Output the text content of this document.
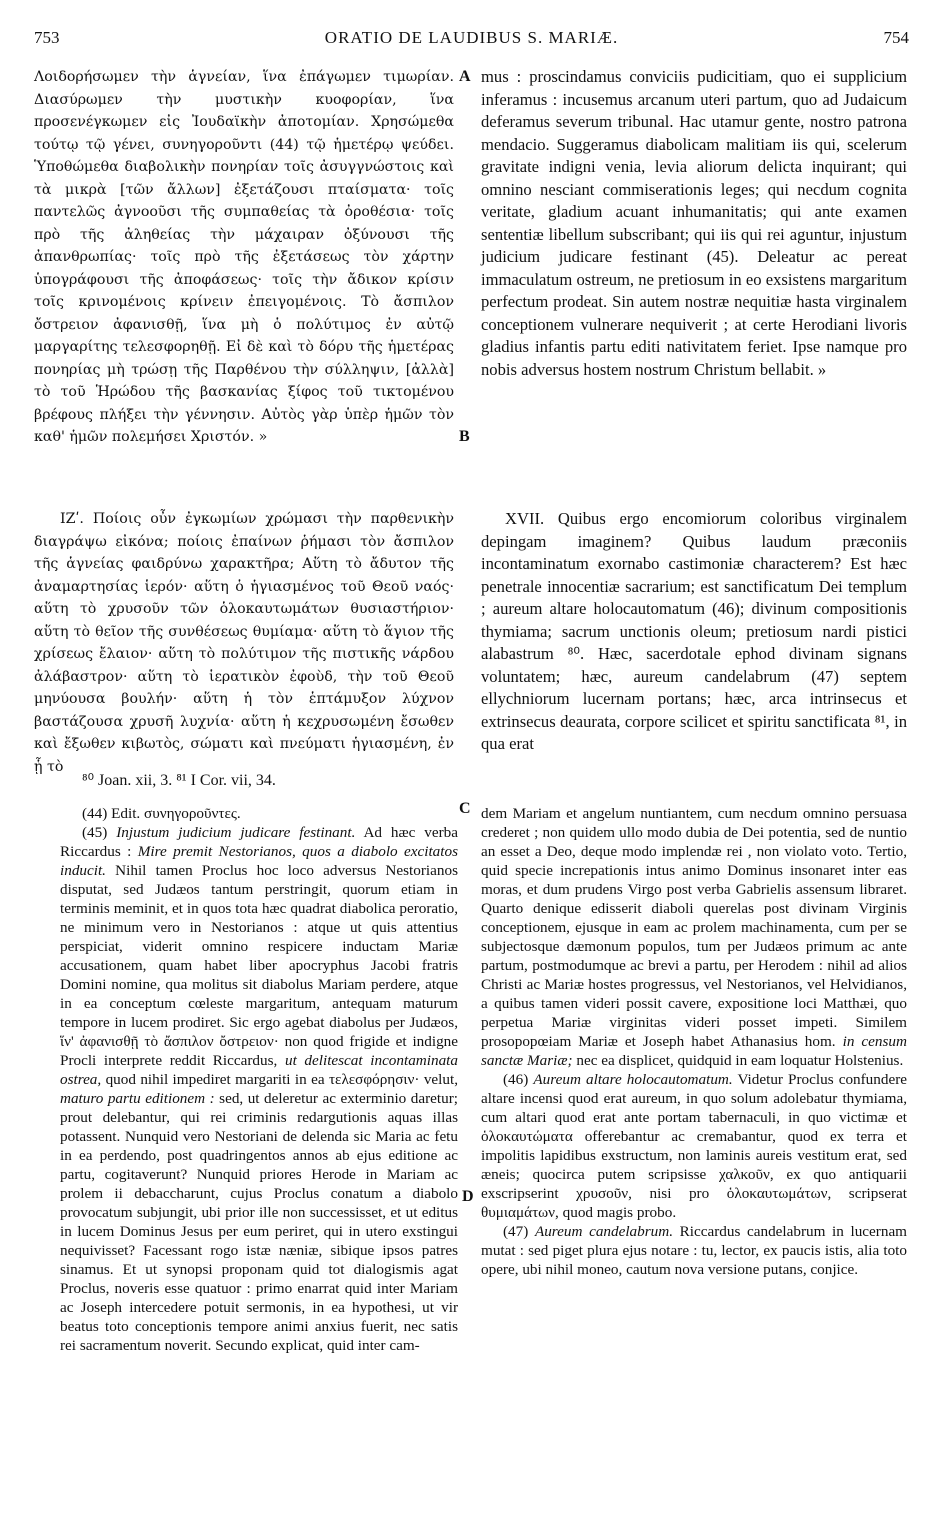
753	ORATIO DE LAUDIBUS S. MARIÆ.	754

Λοιδορήσωμεν τὴν ἁγνείαν, ἵνα ἐπάγωμεν τιμωρίαν. Διασύρωμεν τὴν μυστικὴν κυοφορίαν, ἵνα προσενέγκωμεν εἰς Ἰουδαϊκὴν ἀποτομίαν. Χρησώμεθα τούτῳ τῷ γένει, συνηγοροῦντι (44) τῷ ἡμετέρῳ ψεύδει. Ὑποθώμεθα διαβολικὴν πονηρίαν τοῖς ἀσυγγνώστοις καὶ τὰ μικρὰ [τῶν ἄλλων] ἐξετάζουσι πταίσματα· τοῖς παντελῶς ἀγνοοῦσι τῆς συμπαθείας τὰ ὀροθέσια· τοῖς πρὸ τῆς ἀληθείας τὴν μάχαιραν ὀξύνουσι τῆς ἀπανθρωπίας· τοῖς πρὸ τῆς ἐξετάσεως τὸν χάρτην ὑπογράφουσι τῆς ἀποφάσεως· τοῖς τὴν ἄδικον κρίσιν τοῖς κρινομένοις κρίνειν ἐπειγομένοις. Τὸ ἄσπιλον ὄστρειον ἀφανισθῇ, ἵνα μὴ ὁ πολύτιμος ἐν αὐτῷ μαργαρίτης τελεσφορηθῇ. Εἰ δὲ καὶ τὸ δόρυ τῆς ἡμετέρας πονηρίας μὴ τρώσῃ τῆς Παρθένου τὴν σύλληψιν, [ἀλλὰ] τὸ τοῦ Ἡρώδου τῆς βασκανίας ξίφος τοῦ τικτομένου βρέφους πλήξει τὴν γέννησιν. Αὐτὸς γὰρ ὑπὲρ ἡμῶν τὸν καθ' ἡμῶν πολεμήσει Χριστόν. »

ΙΖʹ. Ποίοις οὖν ἐγκωμίων χρώμασι τὴν παρθενικὴν διαγράψω εἰκόνα; ποίοις ἐπαίνων ῥήμασι τὸν ἄσπιλον τῆς ἁγνείας φαιδρύνω χαρακτῆρα; Αὕτη τὸ ἄδυτον τῆς ἀναμαρτησίας ἱερόν· αὕτη ὁ ἡγιασμένος τοῦ Θεοῦ ναός· αὕτη τὸ χρυσοῦν τῶν ὁλοκαυτωμάτων θυσιαστήριον· αὕτη τὸ θεῖον τῆς συνθέσεως θυμίαμα· αὕτη τὸ ἅγιον τῆς χρίσεως ἔλαιον· αὕτη τὸ πολύτιμον τῆς πιστικῆς νάρδου ἀλάβαστρον· αὕτη τὸ ἱερατικὸν ἐφοὺδ, τὴν τοῦ Θεοῦ μηνύουσα βουλήν· αὕτη ἡ τὸν ἑπτάμυξον λύχνον βαστάζουσα χρυσῆ λυχνία· αὕτη ἡ κεχρυσωμένη ἔσωθεν καὶ ἔξωθεν κιβωτὸς, σώματι καὶ πνεύματι ἡγιασμένη, ἐν ᾗ τὸ

A
B

mus : proscindamus conviciis pudicitiam, quo ei supplicium inferamus : incusemus arcanum uteri partum, quo ad Judaicum deferamus severum tribunal. Hac utamur gente, nostro patrona mendacio. Suggeramus diabolicam malitiam iis qui, scelerum gravitate indigni venia, levia aliorum delicta inquirant; qui omnino nesciant commiserationis leges; qui necdum cognita veritate, gladium acuant inhumanitatis; qui ante examen sententiæ libellum subscribant; qui iis qui rei aguntur, injustum judicium judicare festinant (45). Deleatur ac pereat immaculatum ostreum, ne pretiosum in eo exsistens margaritum perfectum prodeat. Sin autem nostræ nequitiæ hasta virginalem conceptionem vulnerare nequiverit ; at certe Herodiani livoris gladius infantis partu editi nativitatem feriet. Ipse namque pro nobis adversus hostem nostrum Christum bellabit. »

XVII. Quibus ergo encomiorum coloribus virginalem depingam imaginem? Quibus laudum præconiis incontaminatum exornabo castimoniæ characterem? Est hæc penetrale innocentiæ sacrarium; est sanctificatum Dei templum ; aureum altare holocautomatum (46); divinum compositionis thymiama; sacrum unctionis oleum; pretiosum nardi pistici alabastrum ⁸⁰. Hæc, sacerdotale ephod divinam signans voluntatem; hæc, aureum candelabrum (47) septem ellychniorum lucernam portans; hæc, arca intrinsecus et extrinsecus deaurata, corpore scilicet et spiritu sanctificata ⁸¹, in qua erat

⁸⁰ Joan. xii, 3. ⁸¹ I Cor. vii, 34.
C
D

(44) Edit. συνηγοροῦντες.

(45) Injustum judicium judicare festinant. Ad hæc verba Riccardus : Mire premit Nestorianos, quos a diabolo excitatos inducit. Nihil tamen Proclus hoc loco adversus Nestorianos disputat, sed Judæos tantum perstringit, quorum etiam in terminis meminit, et in quos tota hæc quadrat diabolica peroratio, ne minimum vero in Nestorianos : atque ut quis attentius perspiciat, viderit omnino respicere inductam Mariæ accusationem, quam habet liber apocryphus Jacobi fratris Domini nomine, qua molitus sit diabolus Mariam perdere, atque in ea conceptum cœleste margaritum, antequam maturum tempore in lucem prodiret. Sic ergo agebat diabolus per Judæos, ἵν' ἀφανισθῇ τὸ ἄσπιλον ὄστρειον· non quod frigide et indigne Procli interprete reddit Riccardus, ut delitescat incontaminata ostrea, quod nihil impediret margariti in ea τελεσφόρησιν· velut, maturo partu editionem : sed, ut deleretur ac exterminio daretur; prout delebantur, qui rei criminis redargutionis aquas illas potassent. Nunquid vero Nestoriani de delenda sic Maria ac fetu in ea perdendo, post quadringentos annos ab ejus editione ac partu, cogitaverunt? Nunquid priores Herode in Mariam ac prolem ii debaccharunt, cujus Proclus conatum a diabolo provocatum subjungit, ubi prior ille non successisset, et ut editus in lucem Dominus Jesus per eum periret, qui in utero exstingui nequivisset? Facessant rogo istæ næniæ, sibique ipsos patres sinamus. Et ut synopsi proponam quid tot dialogismis agat Proclus, noveris esse quatuor : primo enarrat quid inter Mariam ac Joseph intercedere potuit sermonis, in ea hypothesi, ut vir beatus toto conceptionis tempore animi anxius fuerit, nec satis rei sacramentum noverit. Secundo explicat, quid inter cam-

dem Mariam et angelum nuntiantem, cum necdum omnino persuasa crederet ; non quidem ullo modo dubia de Dei potentia, sed de nuntio an esset a Deo, deque modo implendæ rei , non violato voto. Tertio, quid specie increpationis intus animo Dominus insonaret inter eas moras, et dum prudens Virgo post verba Gabrielis assensum libraret. Quarto denique edisserit diaboli querelas post divinam Virginis conceptionem, ejusque in eam ac prolem machinamenta, cum per se subjectosque dæmonum populos, tum per Judæos primum ac ante partum, postmodumque ac brevi a partu, per Herodem : nihil ad alios Christi ac Mariæ hostes progressus, vel Nestorianos, vel Helvidianos, a quibus tamen videri possit cavere, expositione loci Matthæi, quo perpetua Mariæ virginitas videri posset impeti. Similem prosopopœiam Mariæ et Joseph habet Athanasius hom. in censum sanctæ Mariæ; nec ea displicet, quidquid in eam loquatur Holstenius.

(46) Aureum altare holocautomatum. Videtur Proclus confundere altare incensi quod erat aureum, in quo solum adolebatur thymiama, cum altari quod erat ante portam tabernaculi, in quo victimæ et ὁλοκαυτώματα offerebantur ac cremabantur, quod ex terra et impolitis lapidibus exstructum, non laminis aureis vestitum erat, sed æneis; quocirca putem scripsisse χαλκοῦν, ex quo antiquarii exscripserint χρυσοῦν, nisi pro ὁλοκαυτωμάτων, scripserat θυμιαμάτων, quod magis probo.

(47) Aureum candelabrum. Riccardus candelabrum in lucernam mutat : sed piget plura ejus notare : tu, lector, ex paucis istis, alia toto opere, ubi nihil moneo, cautum nova versione putans, conjice.
